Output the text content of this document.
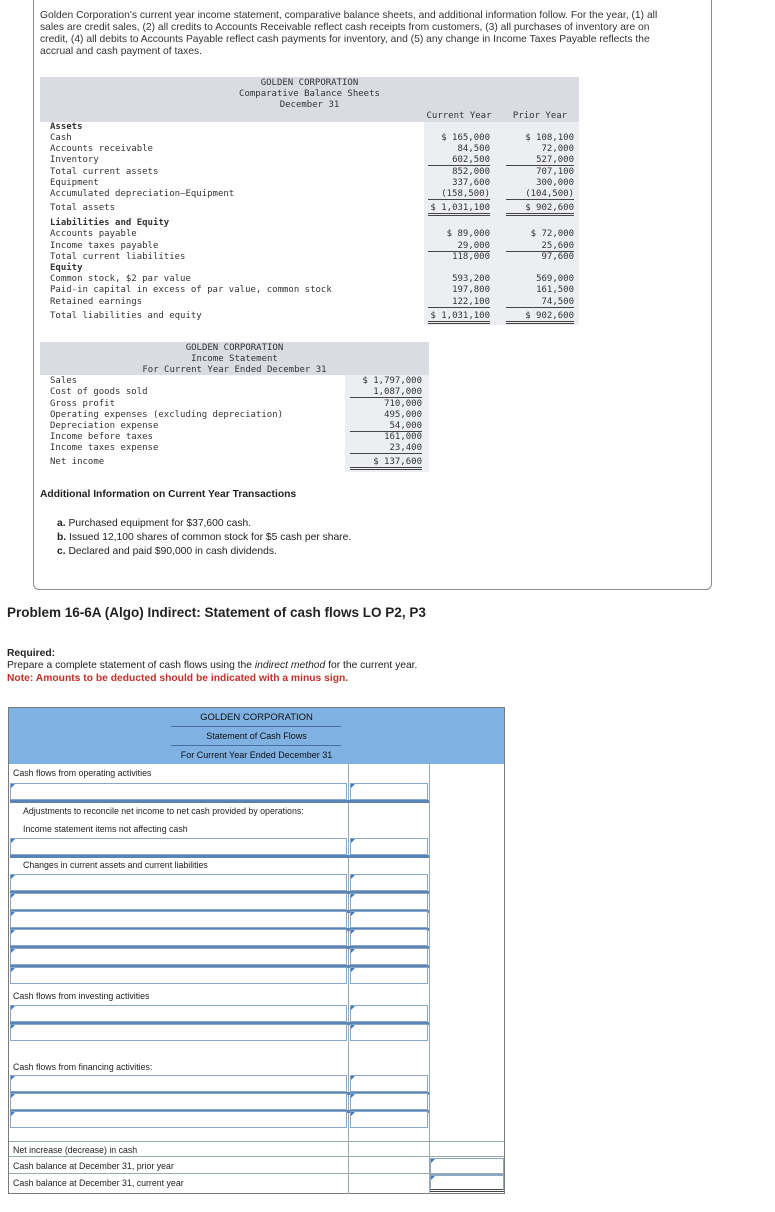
Golden Corporation's current year income statement, comparative balance sheets, and additional information follow. For the year, (1) all sales are credit sales, (2) all credits to Accounts Receivable reflect cash receipts from customers, (3) all purchases of inventory are on credit, (4) all debits to Accounts Payable reflect cash payments for inventory, and (5) any change in Income Taxes Payable reflects the accrual and cash payment of taxes.
GOLDEN CORPORATION
Comparative Balance Sheets
December 31
Current Year	Prior Year
Assets
Cash	$ 165,000	$ 108,100
Accounts receivable	84,500	72,000
Inventory	602,500	527,000
Total current assets	852,000	707,100
Equipment	337,600	300,000
Accumulated depreciation—Equipment	(158,500)	(104,500)
Total assets	$ 1,031,100	$ 902,600
Liabilities and Equity
Accounts payable	$ 89,000	$ 72,000
Income taxes payable	29,000	25,600
Total current liabilities	118,000	97,600
Equity
Common stock, $2 par value	593,200	569,000
Paid-in capital in excess of par value, common stock	197,800	161,500
Retained earnings	122,100	74,500
Total liabilities and equity	$ 1,031,100	$ 902,600
GOLDEN CORPORATION
Income Statement
For Current Year Ended December 31
Sales	$ 1,797,000
Cost of goods sold	1,087,000
Gross profit	710,000
Operating expenses (excluding depreciation)	495,000
Depreciation expense	54,000
Income before taxes	161,000
Income taxes expense	23,400
Net income	$ 137,600
Additional Information on Current Year Transactions
a. Purchased equipment for $37,600 cash.
b. Issued 12,100 shares of common stock for $5 cash per share.
c. Declared and paid $90,000 in cash dividends.
Problem 16-6A (Algo) Indirect: Statement of cash flows LO P2, P3
Required:
Prepare a complete statement of cash flows using the indirect method for the current year.
Note: Amounts to be deducted should be indicated with a minus sign.
GOLDEN CORPORATION
Statement of Cash Flows
For Current Year Ended December 31
Cash flows from operating activities
Adjustments to reconcile net income to net cash provided by operations:
Income statement items not affecting cash
Changes in current assets and current liabilities
Cash flows from investing activities
Cash flows from financing activities:
Net increase (decrease) in cash
Cash balance at December 31, prior year
Cash balance at December 31, current year
